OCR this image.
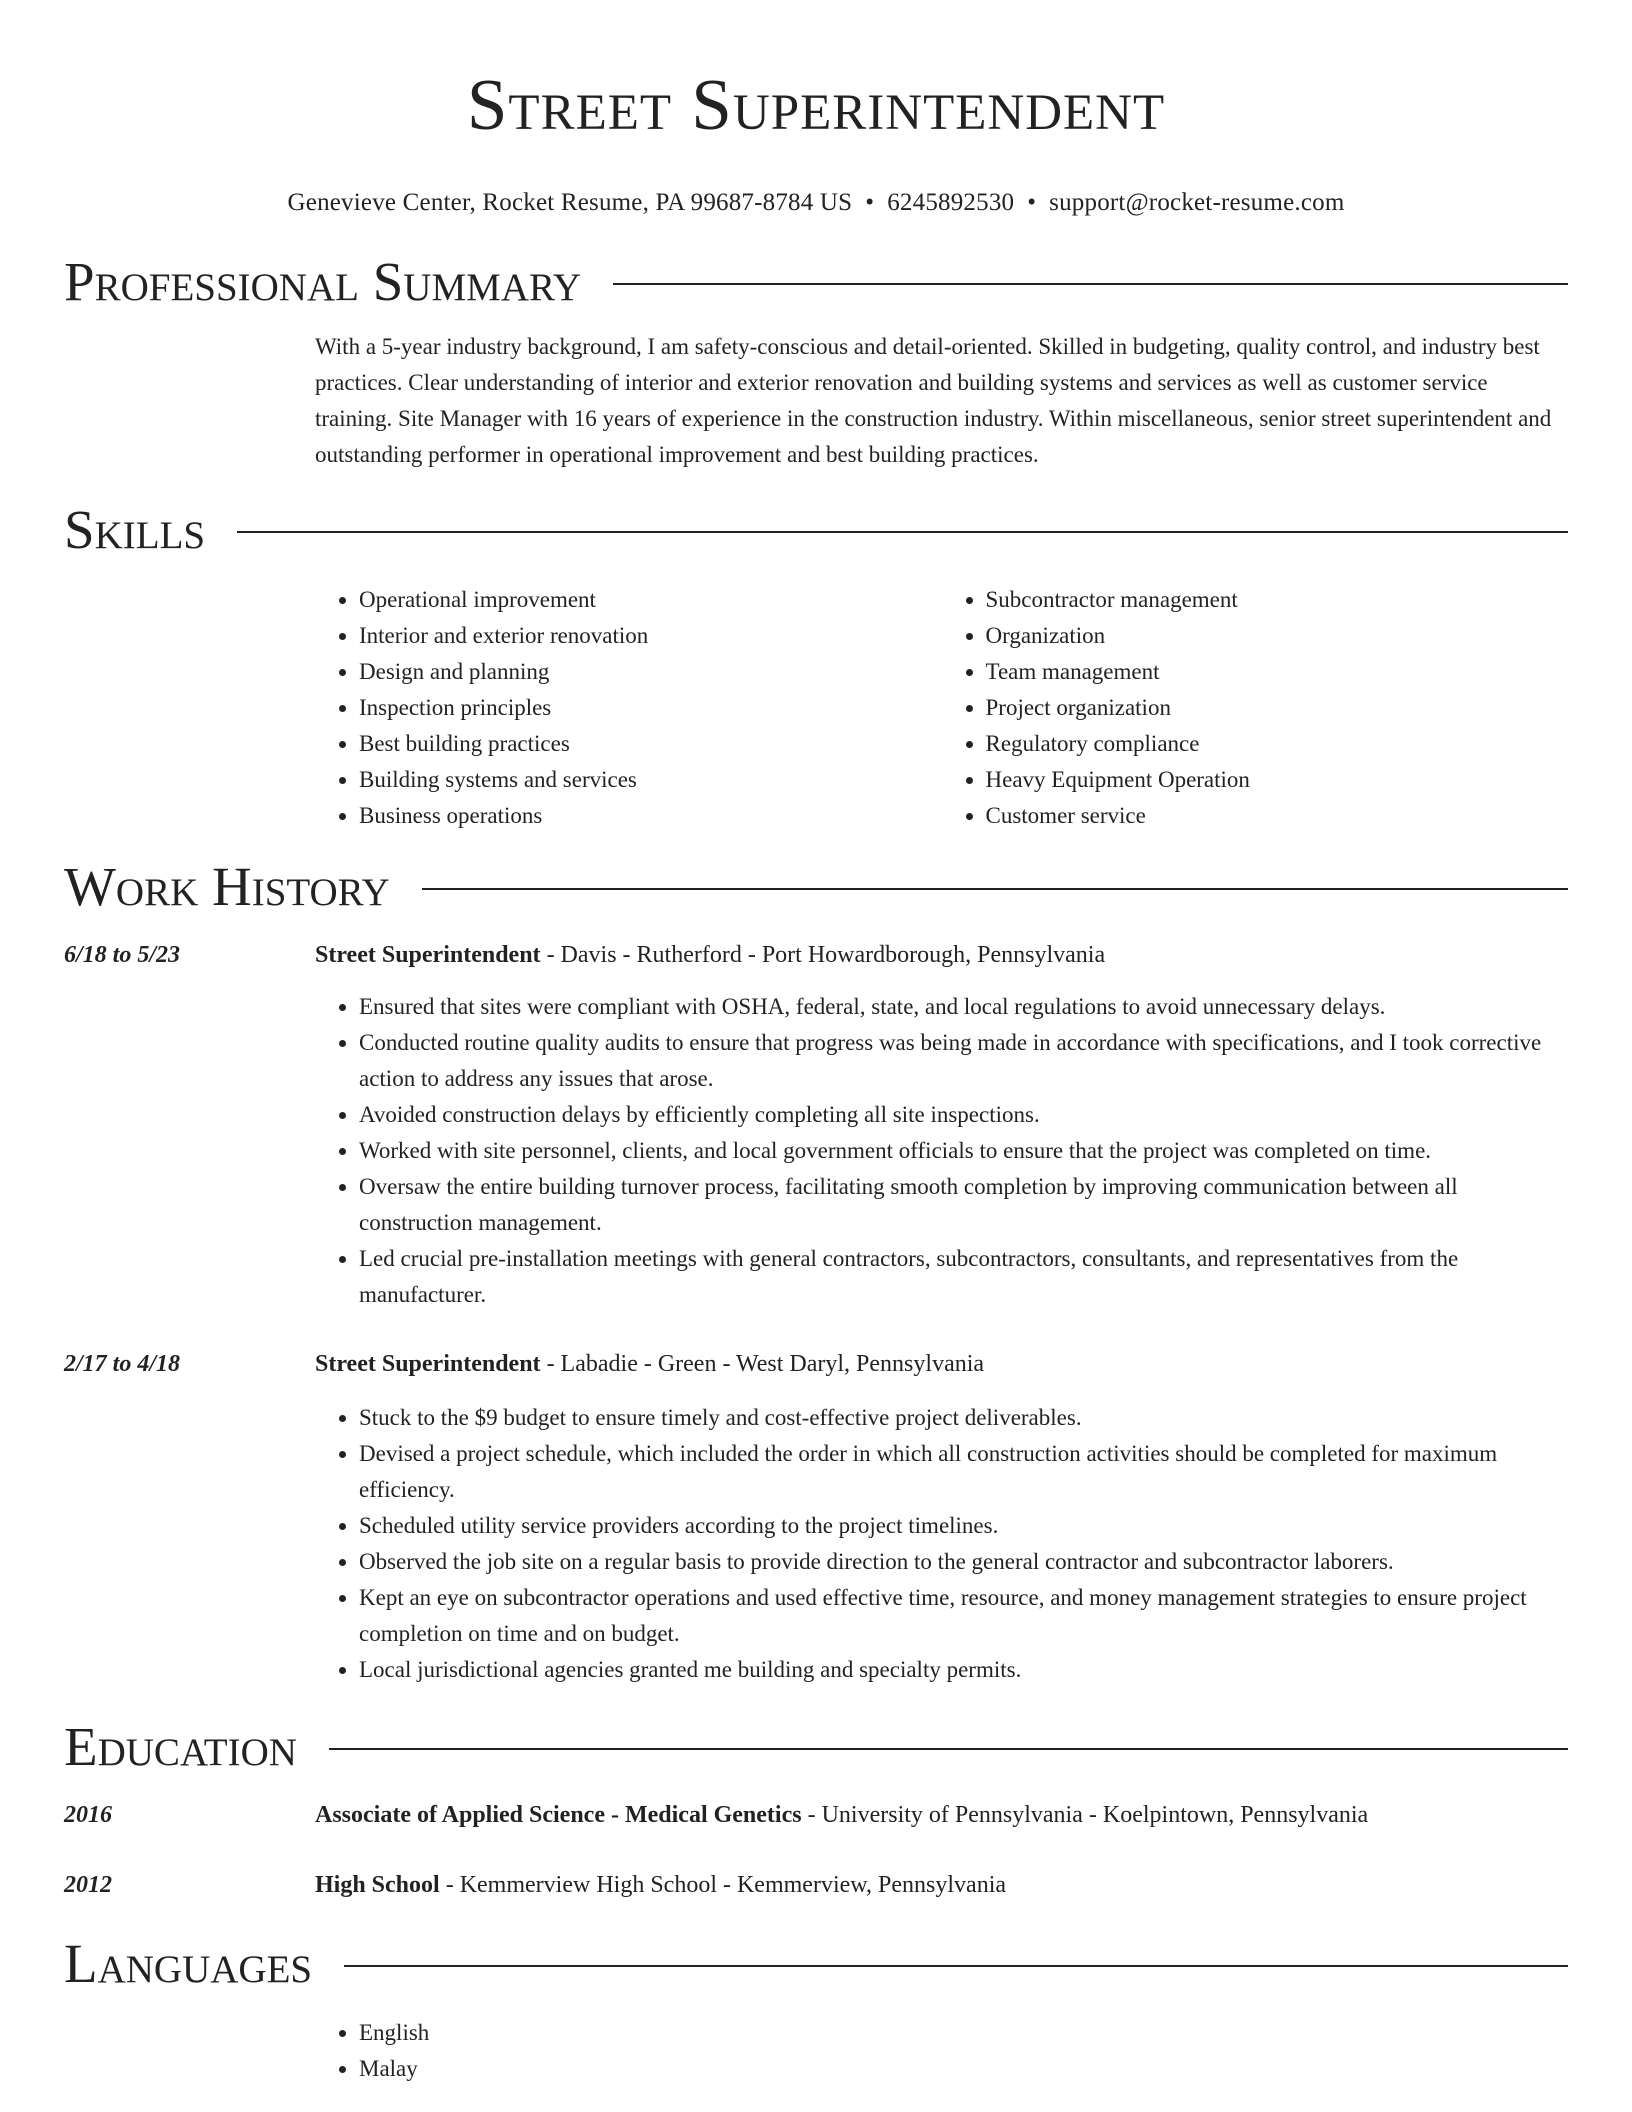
Street Superintendent
Genevieve Center, Rocket Resume, PA 99687-8784 US • 6245892530 • support@rocket-resume.com
Professional Summary

With a 5-year industry background, I am safety-conscious and detail-oriented. Skilled in budgeting, quality control, and industry best practices. Clear understanding of interior and exterior renovation and building systems and services as well as customer service training. Site Manager with 16 years of experience in the construction industry. Within miscellaneous, senior street superintendent and outstanding performer in operational improvement and best building practices.

Skills
• Operational improvement
• Interior and exterior renovation
• Design and planning
• Inspection principles
• Best building practices
• Building systems and services
• Business operations
• Subcontractor management
• Organization
• Team management
• Project organization
• Regulatory compliance
• Heavy Equipment Operation
• Customer service
Work History
6/18 to 5/23	Street Superintendent - Davis - Rutherford - Port Howardborough, Pennsylvania
• Ensured that sites were compliant with OSHA, federal, state, and local regulations to avoid unnecessary delays.
• Conducted routine quality audits to ensure that progress was being made in accordance with specifications, and I took corrective action to address any issues that arose.
• Avoided construction delays by efficiently completing all site inspections.
• Worked with site personnel, clients, and local government officials to ensure that the project was completed on time.
• Oversaw the entire building turnover process, facilitating smooth completion by improving communication between all construction management.
• Led crucial pre-installation meetings with general contractors, subcontractors, consultants, and representatives from the manufacturer.
2/17 to 4/18	Street Superintendent - Labadie - Green - West Daryl, Pennsylvania
• Stuck to the $9 budget to ensure timely and cost-effective project deliverables.
• Devised a project schedule, which included the order in which all construction activities should be completed for maximum efficiency.
• Scheduled utility service providers according to the project timelines.
• Observed the job site on a regular basis to provide direction to the general contractor and subcontractor laborers.
• Kept an eye on subcontractor operations and used effective time, resource, and money management strategies to ensure project completion on time and on budget.
• Local jurisdictional agencies granted me building and specialty permits.
Education
2016	Associate of Applied Science - Medical Genetics - University of Pennsylvania - Koelpintown, Pennsylvania
2012	High School - Kemmerview High School - Kemmerview, Pennsylvania
Languages
• English
• Malay
